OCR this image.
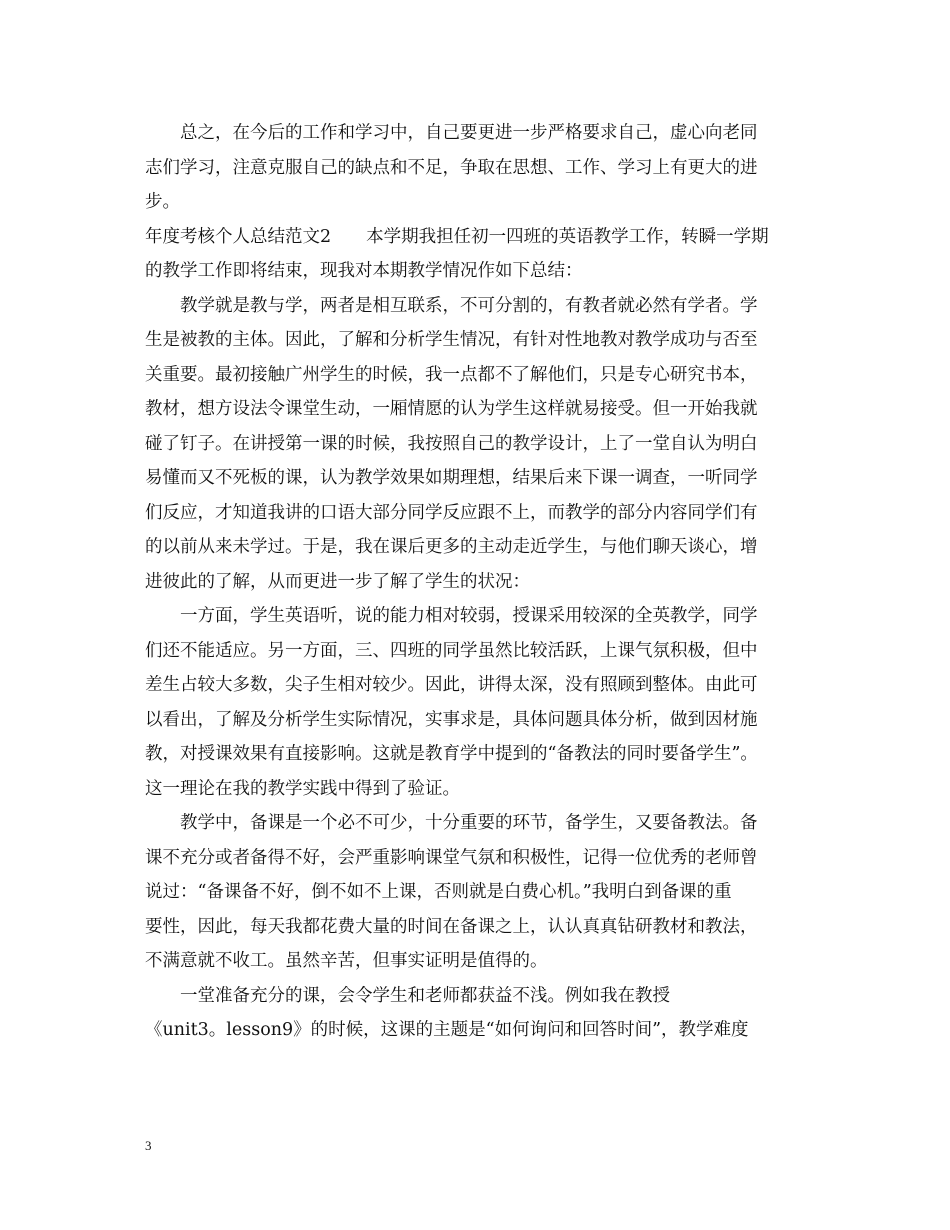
总之，在今后的工作和学习中，自己要更进一步严格要求自己，虚心向老同
志们学习，注意克服自己的缺点和不足，争取在思想、工作、学习上有更大的进
步。
年度考核个人总结范文2　　本学期我担任初一四班的英语教学工作，转瞬一学期
的教学工作即将结束，现我对本期教学情况作如下总结：
教学就是教与学，两者是相互联系，不可分割的，有教者就必然有学者。学
生是被教的主体。因此，了解和分析学生情况，有针对性地教对教学成功与否至
关重要。最初接触广州学生的时候，我一点都不了解他们，只是专心研究书本，
教材，想方设法令课堂生动，一厢情愿的认为学生这样就易接受。但一开始我就
碰了钉子。在讲授第一课的时候，我按照自己的教学设计，上了一堂自认为明白
易懂而又不死板的课，认为教学效果如期理想，结果后来下课一调查，一听同学
们反应，才知道我讲的口语大部分同学反应跟不上，而教学的部分内容同学们有
的以前从来未学过。于是，我在课后更多的主动走近学生，与他们聊天谈心，增
进彼此的了解，从而更进一步了解了学生的状况：
一方面，学生英语听，说的能力相对较弱，授课采用较深的全英教学，同学
们还不能适应。另一方面，三、四班的同学虽然比较活跃，上课气氛积极，但中
差生占较大多数，尖子生相对较少。因此，讲得太深，没有照顾到整体。由此可
以看出，了解及分析学生实际情况，实事求是，具体问题具体分析，做到因材施
教，对授课效果有直接影响。这就是教育学中提到的“备教法的同时要备学生”。
这一理论在我的教学实践中得到了验证。
教学中，备课是一个必不可少，十分重要的环节，备学生，又要备教法。备
课不充分或者备得不好，会严重影响课堂气氛和积极性，记得一位优秀的老师曾
说过：“备课备不好，倒不如不上课，否则就是白费心机。”我明白到备课的重
要性，因此，每天我都花费大量的时间在备课之上，认认真真钻研教材和教法，
不满意就不收工。虽然辛苦，但事实证明是值得的。
一堂准备充分的课，会令学生和老师都获益不浅。例如我在教授
《unit3。lesson9》的时候，这课的主题是“如何询问和回答时间”，教学难度
3
